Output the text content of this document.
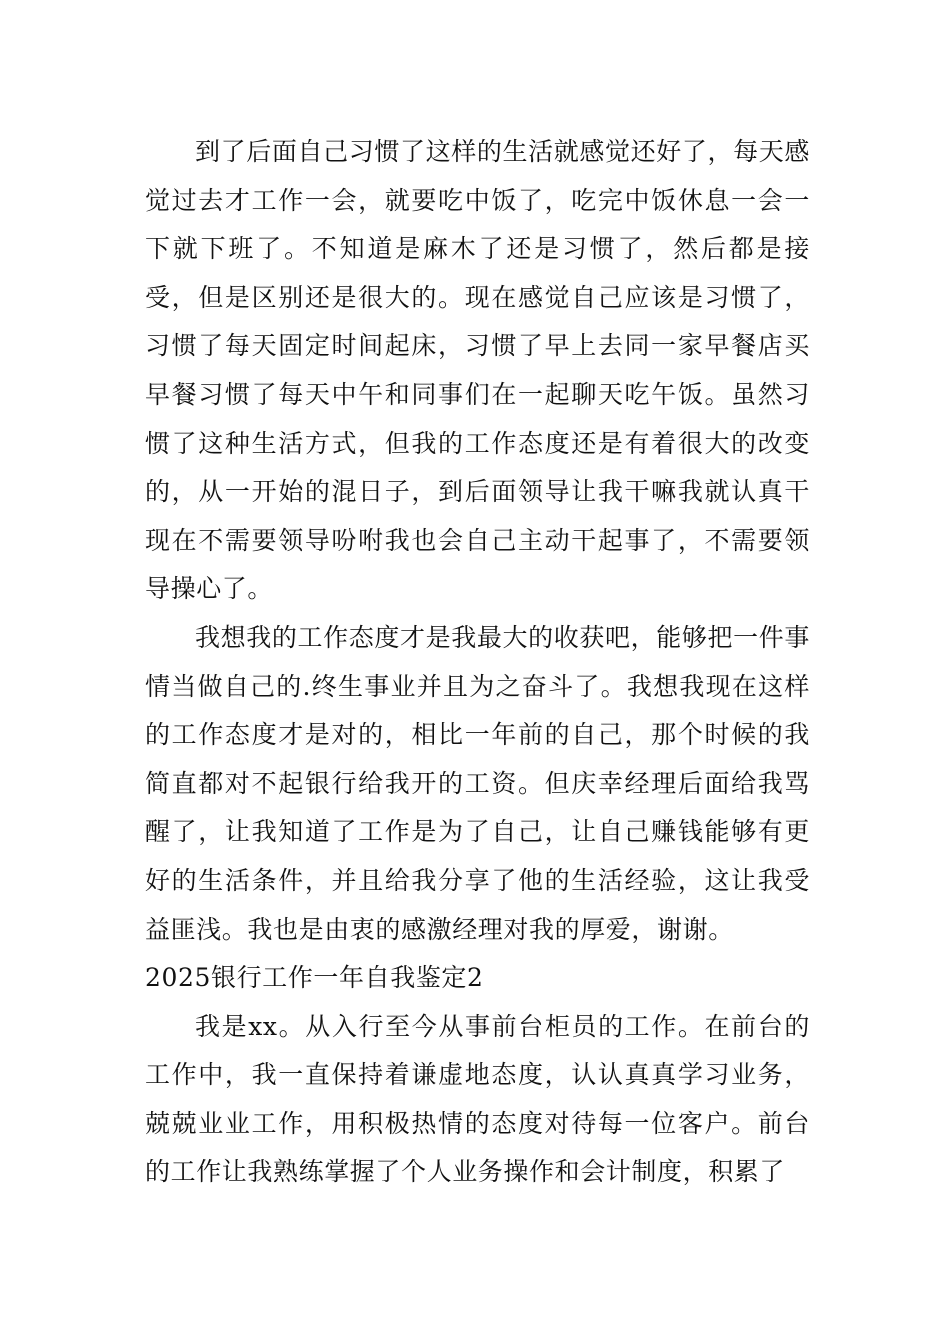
到了后面自己习惯了这样的生活就感觉还好了，每天感觉过去才工作一会，就要吃中饭了，吃完中饭休息一会一下就下班了。不知道是麻木了还是习惯了，然后都是接受，但是区别还是很大的。现在感觉自己应该是习惯了，习惯了每天固定时间起床，习惯了早上去同一家早餐店买早餐习惯了每天中午和同事们在一起聊天吃午饭。虽然习惯了这种生活方式，但我的工作态度还是有着很大的改变的，从一开始的混日子，到后面领导让我干嘛我就认真干现在不需要领导吩咐我也会自己主动干起事了，不需要领导操心了。

我想我的工作态度才是我最大的收获吧，能够把一件事情当做自己的.终生事业并且为之奋斗了。我想我现在这样的工作态度才是对的，相比一年前的自己，那个时候的我简直都对不起银行给我开的工资。但庆幸经理后面给我骂醒了，让我知道了工作是为了自己，让自己赚钱能够有更好的生活条件，并且给我分享了他的生活经验，这让我受益匪浅。我也是由衷的感激经理对我的厚爱，谢谢。

2025银行工作一年自我鉴定2

我是xx。从入行至今从事前台柜员的工作。在前台的工作中，我一直保持着谦虚地态度，认认真真学习业务，兢兢业业工作，用积极热情的态度对待每一位客户。前台的工作让我熟练掌握了个人业务操作和会计制度，积累了
